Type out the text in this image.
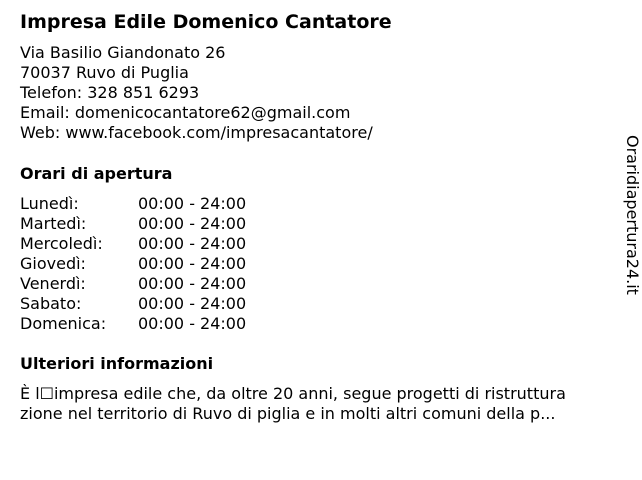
Impresa Edile Domenico Cantatore
Via Basilio Giandonato 26
70037 Ruvo di Puglia
Telefon: 328 851 6293
Email: domenicocantatore62@gmail.com
Web: www.facebook.com/impresacantatore/
Orari di apertura
Lunedì:	00:00 - 24:00
Martedì:	00:00 - 24:00
Mercoledì: 00:00 - 24:00
Giovedì:	00:00 - 24:00
Venerdì:	00:00 - 24:00
Sabato:	00:00 - 24:00
Domenica: 00:00 - 24:00
Ulteriori informazioni
È l☐impresa edile che, da oltre 20 anni, segue progetti di ristruttura
zione nel territorio di Ruvo di piglia e in molti altri comuni della p...
Oraridiapertura24.it
